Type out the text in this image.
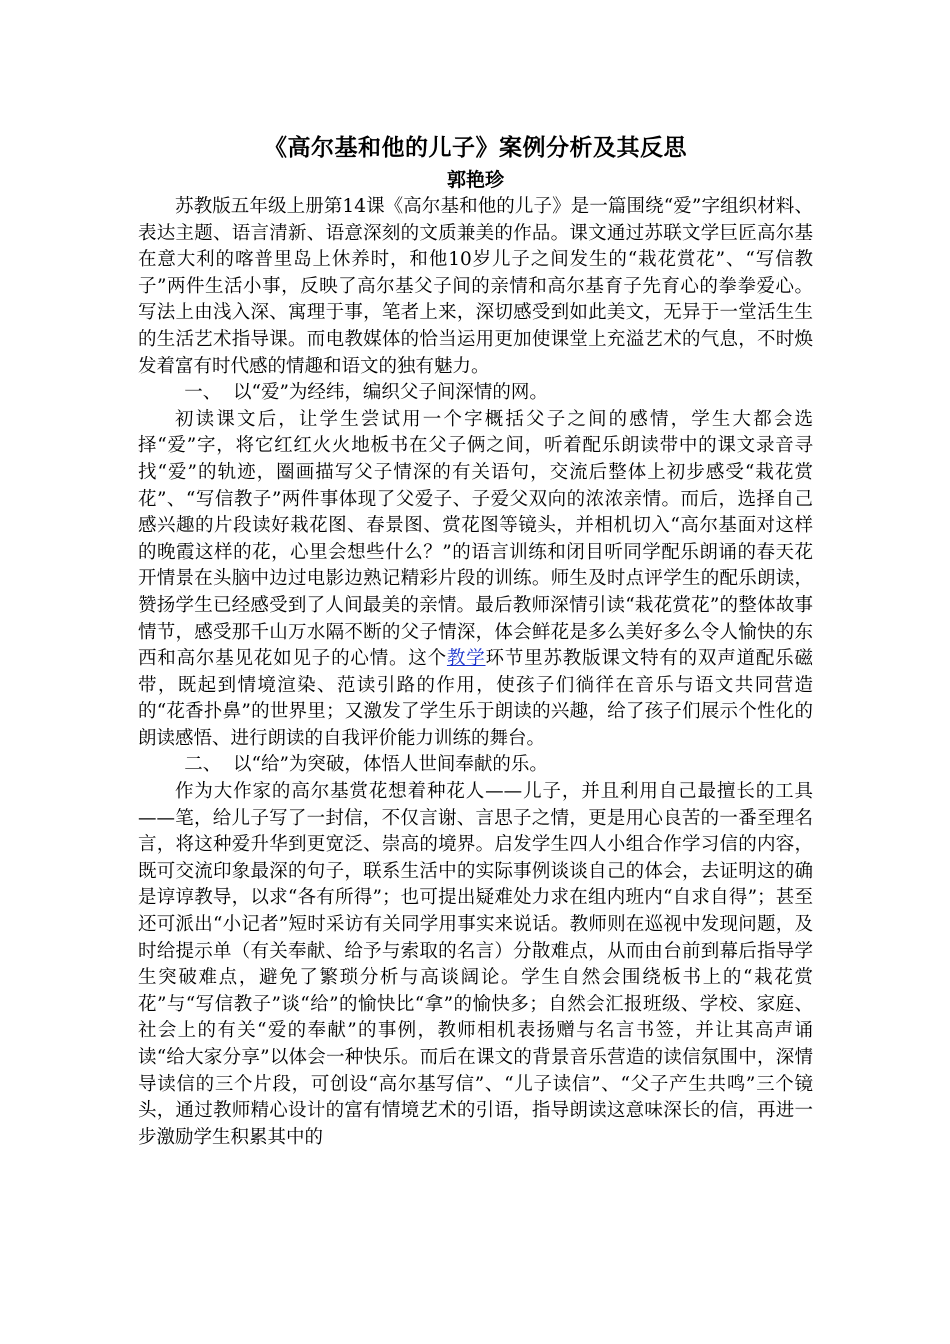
《高尔基和他的儿子》案例分析及其反思
郭艳珍

苏教版五年级上册第14课《高尔基和他的儿子》是一篇围绕“爱”字组织材料、表达主题、语言清新、语意深刻的文质兼美的作品。课文通过苏联文学巨匠高尔基在意大利的喀普里岛上休养时，和他10岁儿子之间发生的“栽花赏花”、“写信教子”两件生活小事，反映了高尔基父子间的亲情和高尔基育子先育心的拳拳爱心。写法上由浅入深、寓理于事，笔者上来，深切感受到如此美文，无异于一堂活生生的生活艺术指导课。而电教媒体的恰当运用更加使课堂上充溢艺术的气息，不时焕发着富有时代感的情趣和语文的独有魅力。

一、  以“爱”为经纬，编织父子间深情的网。

初读课文后，让学生尝试用一个字概括父子之间的感情，学生大都会选择“爱”字，将它红红火火地板书在父子俩之间，听着配乐朗读带中的课文录音寻找“爱”的轨迹，圈画描写父子情深的有关语句，交流后整体上初步感受“栽花赏花”、“写信教子”两件事体现了父爱子、子爱父双向的浓浓亲情。而后，选择自己感兴趣的片段读好栽花图、春景图、赏花图等镜头，并相机切入“高尔基面对这样的晚霞这样的花，心里会想些什么？”的语言训练和闭目听同学配乐朗诵的春天花开情景在头脑中边过电影边熟记精彩片段的训练。师生及时点评学生的配乐朗读，赞扬学生已经感受到了人间最美的亲情。最后教师深情引读“栽花赏花”的整体故事情节，感受那千山万水隔不断的父子情深，体会鲜花是多么美好多么令人愉快的东西和高尔基见花如见子的心情。这个教学环节里苏教版课文特有的双声道配乐磁带，既起到情境渲染、范读引路的作用，使孩子们徜徉在音乐与语文共同营造的“花香扑鼻”的世界里；又激发了学生乐于朗读的兴趣，给了孩子们展示个性化的朗读感悟、进行朗读的自我评价能力训练的舞台。

二、  以“给”为突破，体悟人世间奉献的乐。

作为大作家的高尔基赏花想着种花人——儿子，并且利用自己最擅长的工具——笔，给儿子写了一封信，不仅言谢、言思子之情，更是用心良苦的一番至理名言，将这种爱升华到更宽泛、崇高的境界。启发学生四人小组合作学习信的内容，既可交流印象最深的句子，联系生活中的实际事例谈谈自己的体会，去证明这的确是谆谆教导，以求“各有所得”；也可提出疑难处力求在组内班内“自求自得”；甚至还可派出“小记者”短时采访有关同学用事实来说话。教师则在巡视中发现问题，及时给提示单（有关奉献、给予与索取的名言）分散难点，从而由台前到幕后指导学生突破难点，避免了繁琐分析与高谈阔论。学生自然会围绕板书上的“栽花赏花”与“写信教子”谈“给”的愉快比“拿”的愉快多；自然会汇报班级、学校、家庭、社会上的有关“爱的奉献”的事例，教师相机表扬赠与名言书签，并让其高声诵读“给大家分享”以体会一种快乐。而后在课文的背景音乐营造的读信氛围中，深情导读信的三个片段，可创设“高尔基写信”、“儿子读信”、“父子产生共鸣”三个镜头，通过教师精心设计的富有情境艺术的引语，指导朗读这意味深长的信，再进一步激励学生积累其中的
